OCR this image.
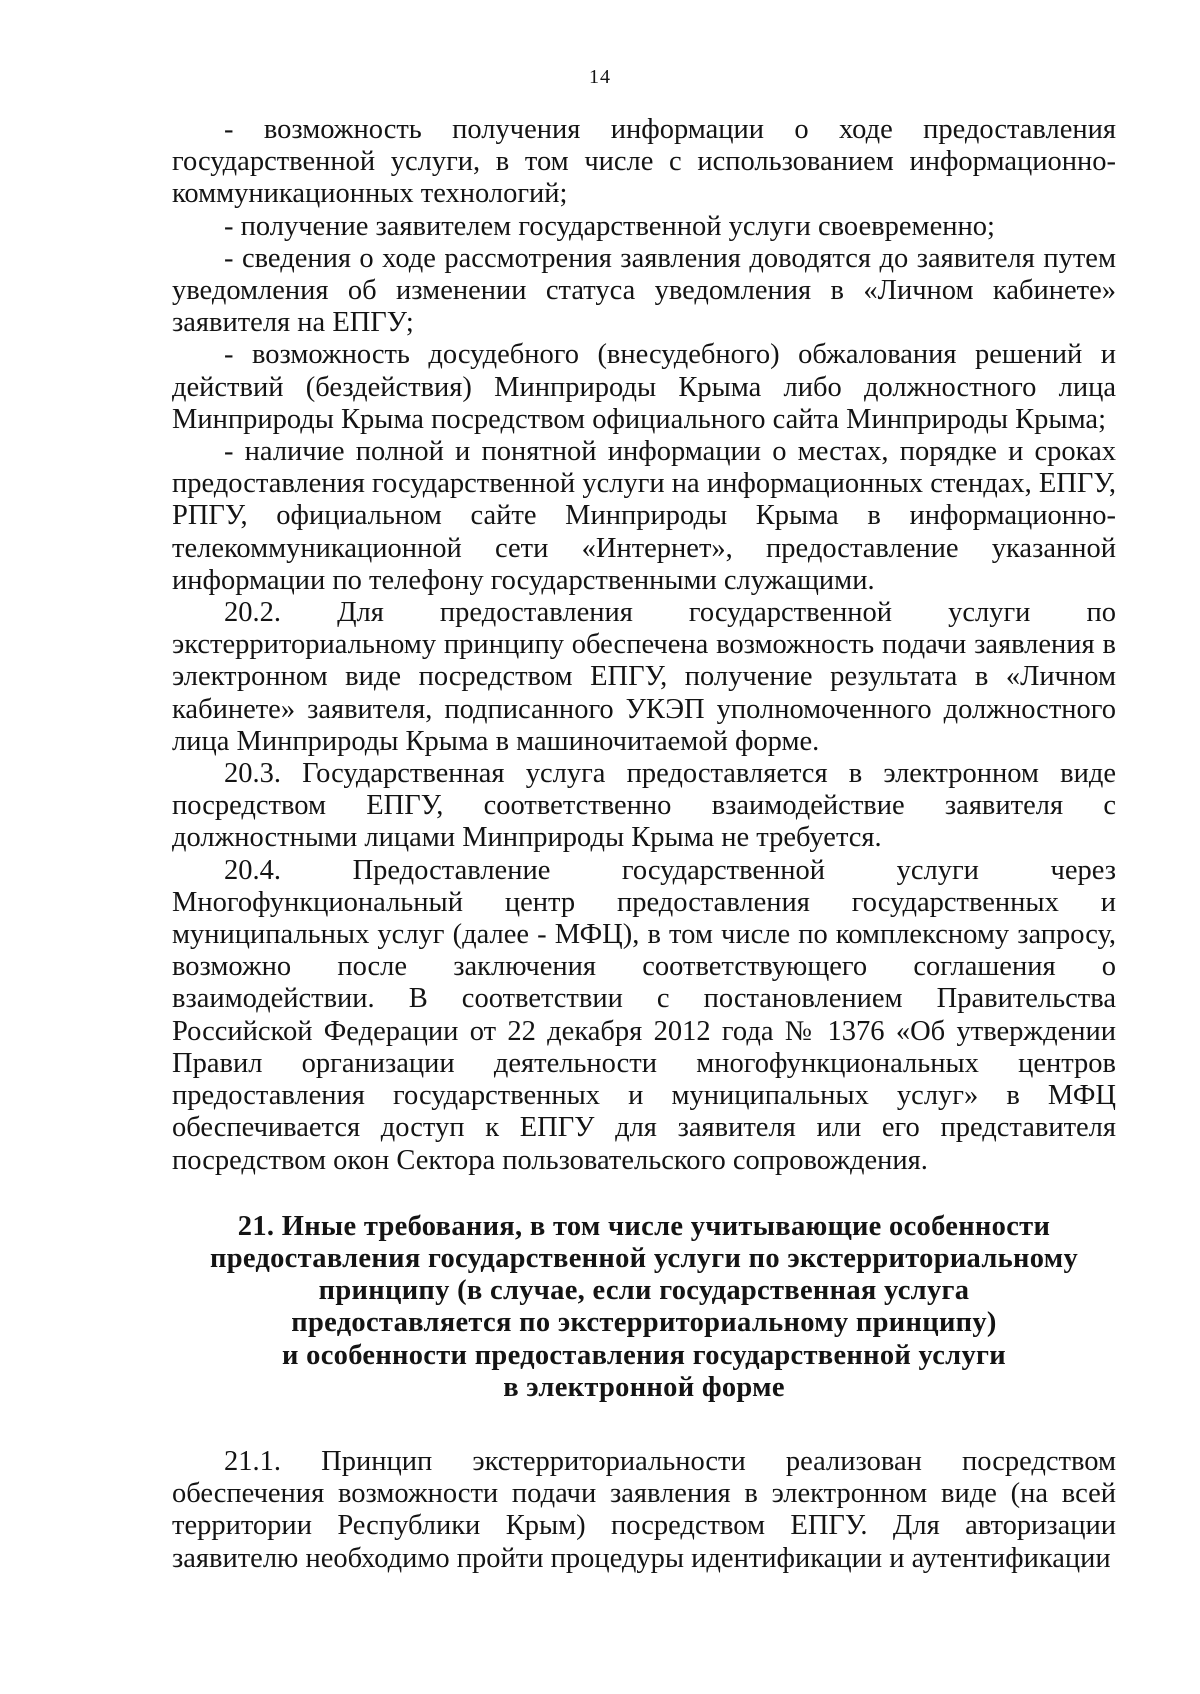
14

- возможность получения информации о ходе предоставления государственной услуги, в том числе с использованием информационно-коммуникационных технологий;

- получение заявителем государственной услуги своевременно;

- сведения о ходе рассмотрения заявления доводятся до заявителя путем уведомления об изменении статуса уведомления в «Личном кабинете» заявителя на ЕПГУ;

- возможность досудебного (внесудебного) обжалования решений и действий (бездействия) Минприроды Крыма либо должностного лица Минприроды Крыма посредством официального сайта Минприроды Крыма;

- наличие полной и понятной информации о местах, порядке и сроках предоставления государственной услуги на информационных стендах, ЕПГУ, РПГУ, официальном сайте Минприроды Крыма в информационно-телекоммуникационной сети «Интернет», предоставление указанной информации по телефону государственными служащими.

20.2. Для предоставления государственной услуги по экстерриториальному принципу обеспечена возможность подачи заявления в электронном виде посредством ЕПГУ, получение результата в «Личном кабинете» заявителя, подписанного УКЭП уполномоченного должностного лица Минприроды Крыма в машиночитаемой форме.

20.3. Государственная услуга предоставляется в электронном виде посредством ЕПГУ, соответственно взаимодействие заявителя с должностными лицами Минприроды Крыма не требуется.

20.4. Предоставление государственной услуги через Многофункциональный центр предоставления государственных и муниципальных услуг (далее - МФЦ), в том числе по комплексному запросу, возможно после заключения соответствующего соглашения о взаимодействии. В соответствии с постановлением Правительства Российской Федерации от 22 декабря 2012 года № 1376 «Об утверждении Правил организации деятельности многофункциональных центров предоставления государственных и муниципальных услуг» в МФЦ обеспечивается доступ к ЕПГУ для заявителя или его представителя посредством окон Сектора пользовательского сопровождения.

21. Иные требования, в том числе учитывающие особенности
предоставления государственной услуги по экстерриториальному
принципу (в случае, если государственная услуга
предоставляется по экстерриториальному принципу)
и особенности предоставления государственной услуги
в электронной форме

21.1. Принцип экстерриториальности реализован посредством обеспечения возможности подачи заявления в электронном виде (на всей территории Республики Крым) посредством ЕПГУ. Для авторизации заявителю необходимо пройти процедуры идентификации и аутентификации
